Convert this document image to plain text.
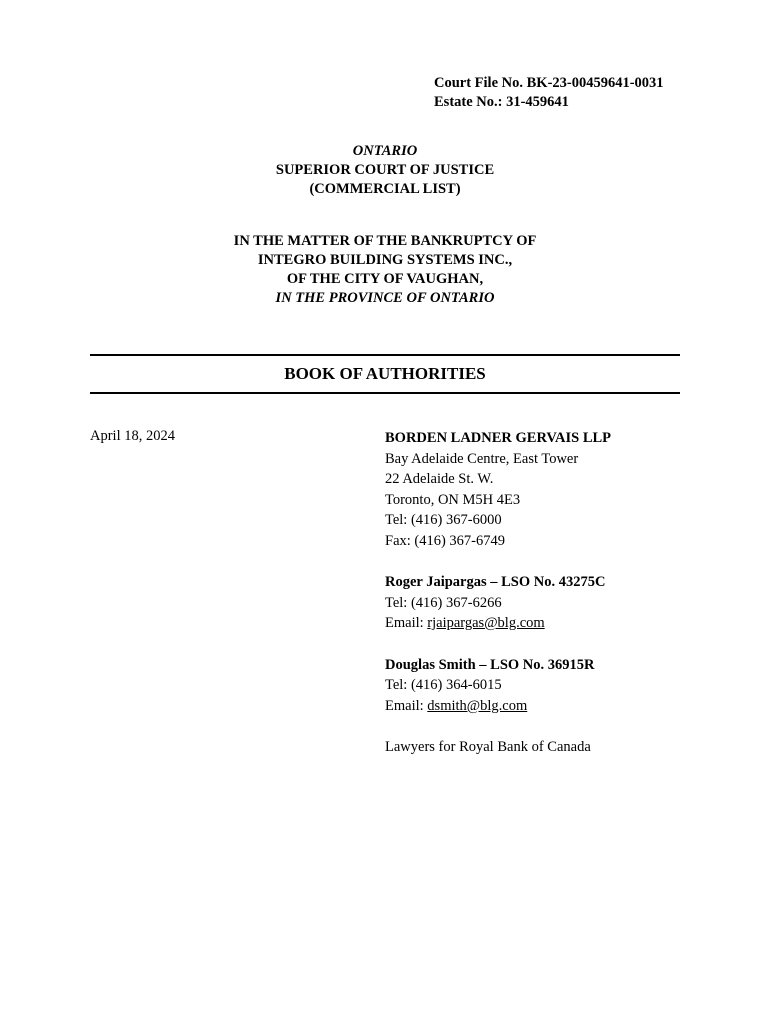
Court File No. BK-23-00459641-0031
Estate No.: 31-459641
ONTARIO
SUPERIOR COURT OF JUSTICE
(COMMERCIAL LIST)
IN THE MATTER OF THE BANKRUPTCY OF
INTEGRO BUILDING SYSTEMS INC.,
OF THE CITY OF VAUGHAN,
IN THE PROVINCE OF ONTARIO
BOOK OF AUTHORITIES
April 18, 2024	BORDEN LADNER GERVAIS LLP
Bay Adelaide Centre, East Tower
22 Adelaide St. W.
Toronto, ON M5H 4E3
Tel: (416) 367-6000
Fax: (416) 367-6749
Roger Jaipargas – LSO No. 43275C
Tel: (416) 367-6266
Email: rjaipargas@blg.com
Douglas Smith – LSO No. 36915R
Tel: (416) 364-6015
Email: dsmith@blg.com
Lawyers for Royal Bank of Canada
